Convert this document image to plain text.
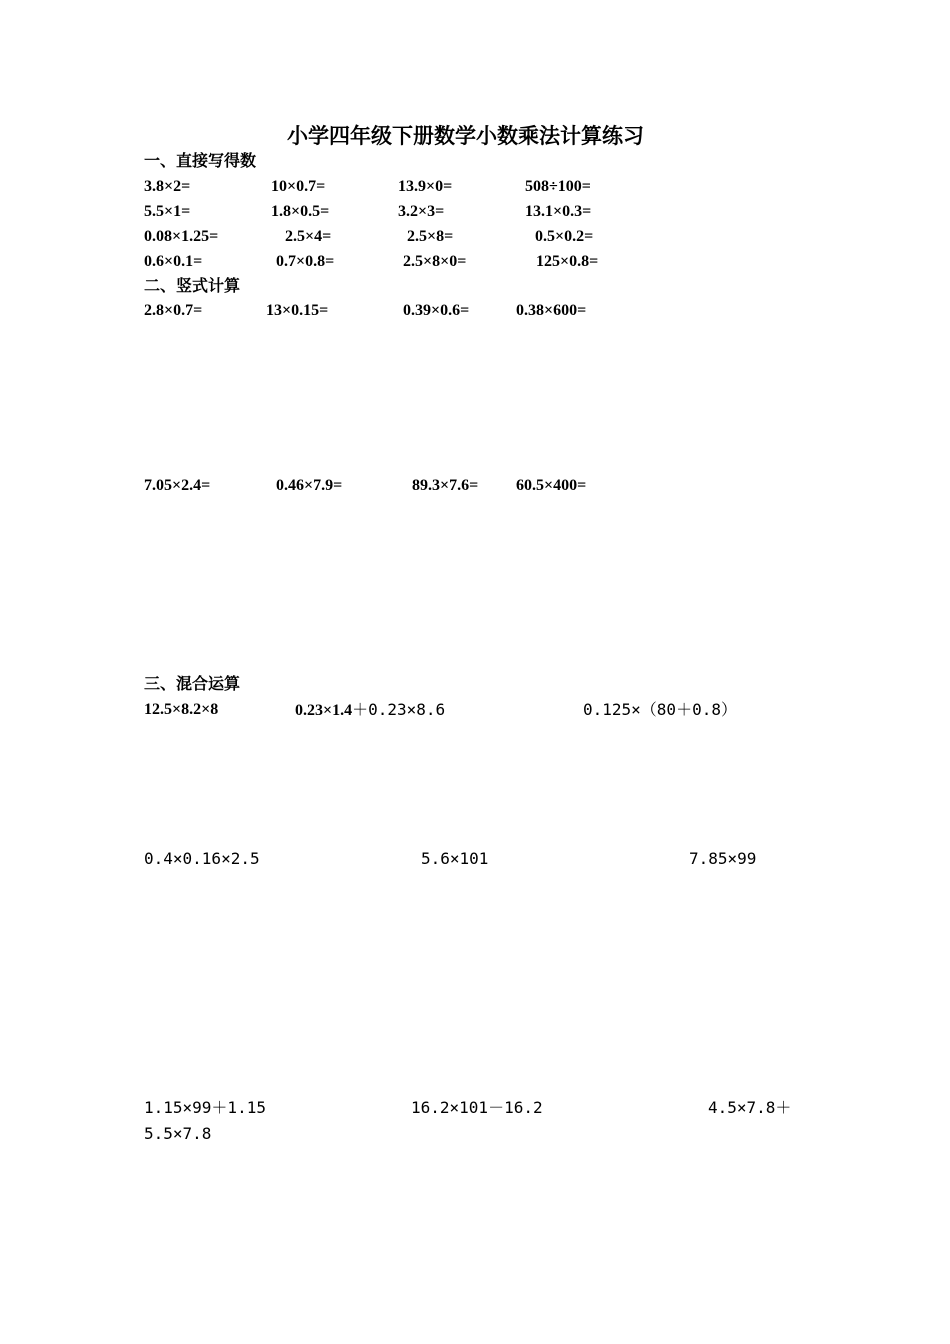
小学四年级下册数学小数乘法计算练习
一、直接写得数
3.8×2=	10×0.7=	13.9×0=	508÷100=
5.5×1=	1.8×0.5=	3.2×3=	13.1×0.3=
0.08×1.25=	2.5×4=	2.5×8=	0.5×0.2=
0.6×0.1=	0.7×0.8=	2.5×8×0=	125×0.8=
二、竖式计算
2.8×0.7=	13×0.15=	0.39×0.6=	0.38×600=
7.05×2.4=	0.46×7.9=	89.3×7.6= 60.5×400=
三、混合运算
12.5×8.2×8	0.23×1.4＋0.23×8.6	0.125×（80＋0.8）
0.4×0.16×2.5	5.6×101	7.85×99
1.15×99＋1.15	16.2×101－16.2	4.5×7.8＋
5.5×7.8
